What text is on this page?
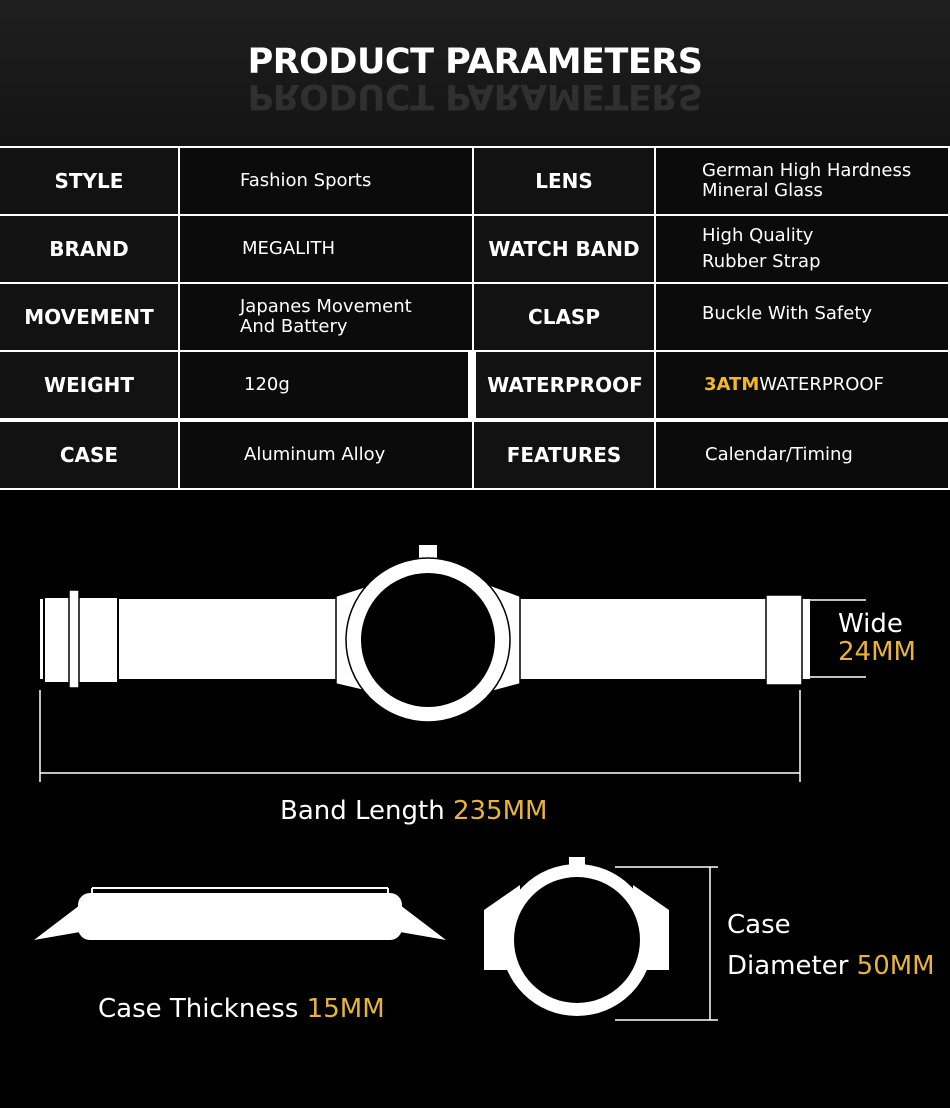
PRODUCT PARAMETERS
PRODUCT PARAMETERS
STYLE	Fashion Sports	LENS	German High Hardness
Mineral Glass
BRAND	MEGALITH	WATCH BAND
High Quality
Rubber Strap
MOVEMENT	Japanes Movement
And Battery	CLASP	Buckle With Safety
WEIGHT	120g	WATERPROOF	3ATM WATERPROOF
CASE	Aluminum Alloy	FEATURES	Calendar/Timing
Wide
24MM
Band Length 235MM
Case Thickness 15MM
Case
Diameter 50MM
